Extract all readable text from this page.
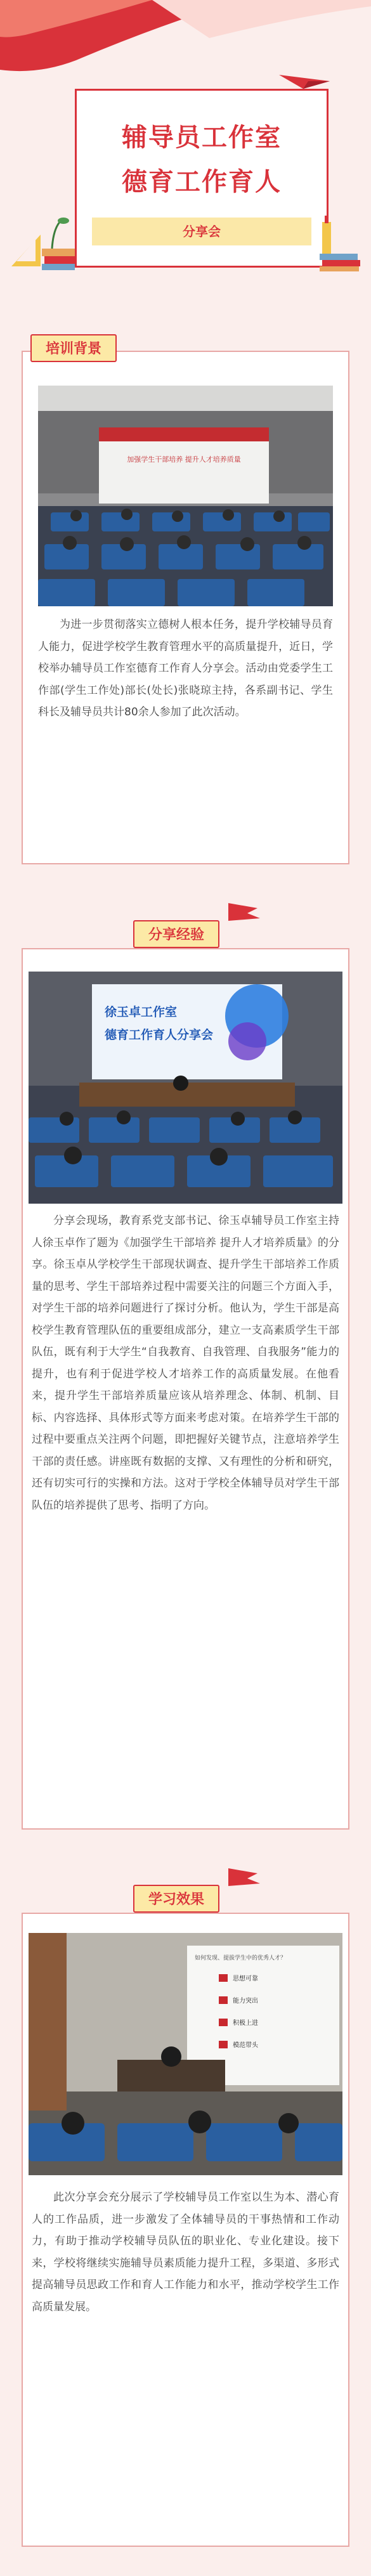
辅导员工作室
德育工作育人
分享会
培训背景
加强学生干部培养 提升人才培养质量

为进一步贯彻落实立德树人根本任务，提升学校辅导员育人能力，促进学校学生教育管理水平的高质量提升，近日，学校举办辅导员工作室德育工作育人分享会。活动由党委学生工作部(学生工作处)部长(处长)张晓琼主持，各系副书记、学生科长及辅导员共计80余人参加了此次活动。

分享经验
徐玉卓工作室
德育工作育人分享会

分享会现场，教育系党支部书记、徐玉卓辅导员工作室主持人徐玉卓作了题为《加强学生干部培养 提升人才培养质量》的分享。徐玉卓从学校学生干部现状调查、提升学生干部培养工作质量的思考、学生干部培养过程中需要关注的问题三个方面入手，对学生干部的培养问题进行了探讨分析。他认为，学生干部是高校学生教育管理队伍的重要组成部分，建立一支高素质学生干部队伍，既有利于大学生“自我教育、自我管理、自我服务”能力的提升，也有利于促进学校人才培养工作的高质量发展。在他看来，提升学生干部培养质量应该从培养理念、体制、机制、目标、内容选择、具体形式等方面来考虑对策。在培养学生干部的过程中要重点关注两个问题，即把握好关键节点，注意培养学生干部的责任感。讲座既有数据的支撑、又有理性的分析和研究，还有切实可行的实操和方法。这对于学校全体辅导员对学生干部队伍的培养提供了思考、指明了方向。

学习效果
如何发现、提拔学生中的优秀人才？
思想可靠
能力突出
积极上进
模范带头

此次分享会充分展示了学校辅导员工作室以生为本、潜心育人的工作品质，进一步激发了全体辅导员的干事热情和工作动力，有助于推动学校辅导员队伍的职业化、专业化建设。接下来，学校将继续实施辅导员素质能力提升工程，多渠道、多形式提高辅导员思政工作和育人工作能力和水平，推动学校学生工作高质量发展。
